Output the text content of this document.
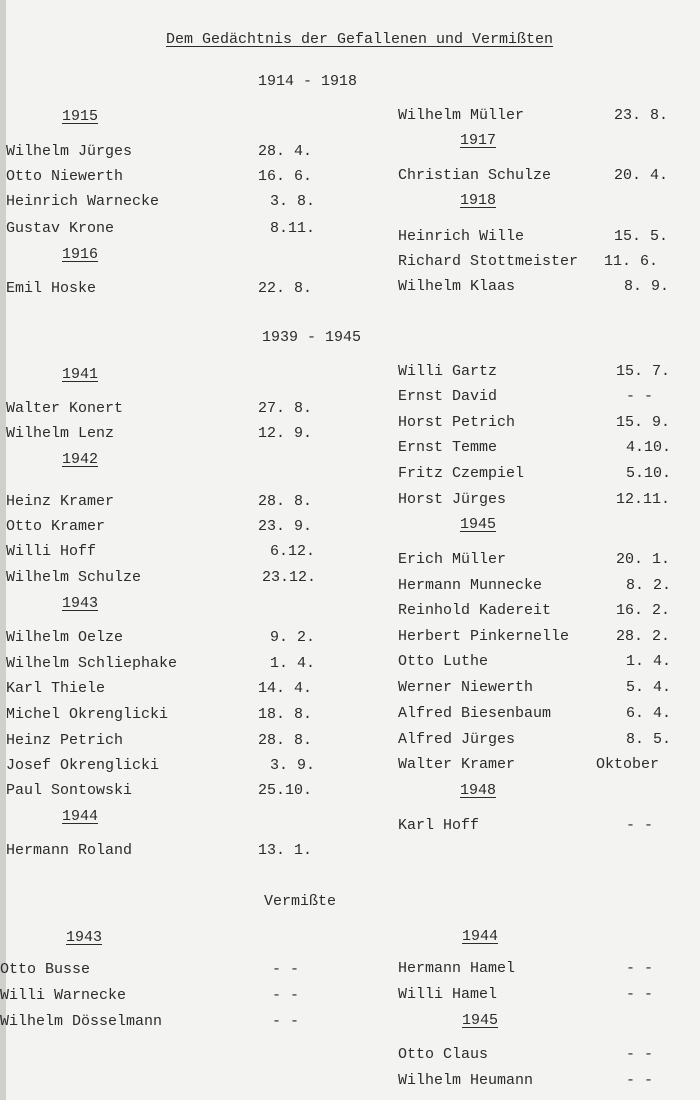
Dem Gedächtnis der Gefallenen und Vermißten
1914 - 1918
1915
Wilhelm Jürges	28. 4.
Otto Niewerth	16. 6.
Heinrich Warnecke	3. 8.
Gustav Krone	8.11.
1916
Emil Hoske	22. 8.
Wilhelm Müller	23. 8.
1917
Christian Schulze	20. 4.
1918
Heinrich Wille	15. 5.
Richard Stottmeister 11. 6.
Wilhelm Klaas	8. 9.
1939 - 1945
1941
Walter Konert	27. 8.
Wilhelm Lenz	12. 9.
1942
Heinz Kramer	28. 8.
Otto Kramer	23. 9.
Willi Hoff	6.12.
Wilhelm Schulze	23.12.
1943
Wilhelm Oelze	9. 2.
Wilhelm Schliephake	1. 4.
Karl Thiele	14. 4.
Michel Okrenglicki	18. 8.
Heinz Petrich	28. 8.
Josef Okrenglicki	3. 9.
Paul Sontowski	25.10.
1944
Hermann Roland	13. 1.
Willi Gartz	15. 7.
Ernst David	- -
Horst Petrich	15. 9.
Ernst Temme	4.10.
Fritz Czempiel	5.10.
Horst Jürges	12.11.
1945
Erich Müller	20. 1.
Hermann Munnecke	8. 2.
Reinhold Kadereit	16. 2.
Herbert Pinkernelle	28. 2.
Otto Luthe	1. 4.
Werner Niewerth	5. 4.
Alfred Biesenbaum	6. 4.
Alfred Jürges	8. 5.
Walter Kramer	Oktober
1948
Karl Hoff	- -
Vermißte
1943
Otto Busse	- -
Willi Warnecke	- -
Wilhelm Dösselmann	- -
1944
Hermann Hamel	- -
Willi Hamel	- -
1945
Otto Claus	- -
Wilhelm Heumann	- -
